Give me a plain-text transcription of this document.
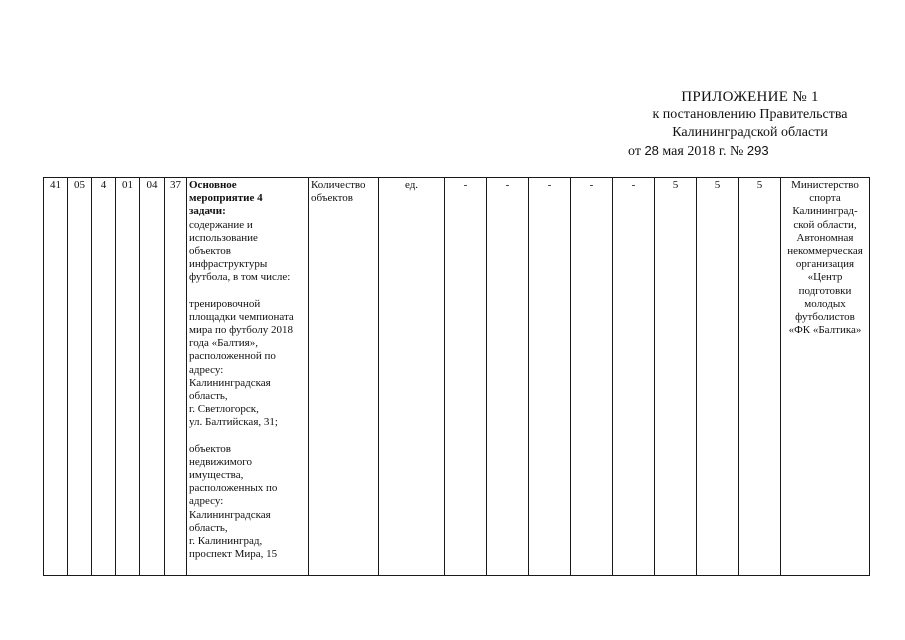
ПРИЛОЖЕНИЕ № 1
к постановлению Правительства
Калининградской области
от 28 мая 2018 г. № 293
41	05	4	01	04	37	Основное
мероприятие 4
задачи:
содержание и
использование
объектов
инфраструктуры
футбола, в том числе:
тренировочной
площадки чемпионата
мира по футболу 2018
года «Балтия»,
расположенной по
адресу:
Калининградская
область,
г. Светлогорск,
ул. Балтийская, 31;
объектов
недвижимого
имущества,
расположенных по
адресу:
Калининградская
область,
г. Калининград,
проспект Мира, 15

Количество
объектов
	ед.	-	-	-	-	-	5	5	5	Министерство
спорта
Калининград-
ской области,
Автономная
некоммерческая
организация
«Центр
подготовки
молодых
футболистов
«ФК «Балтика»
